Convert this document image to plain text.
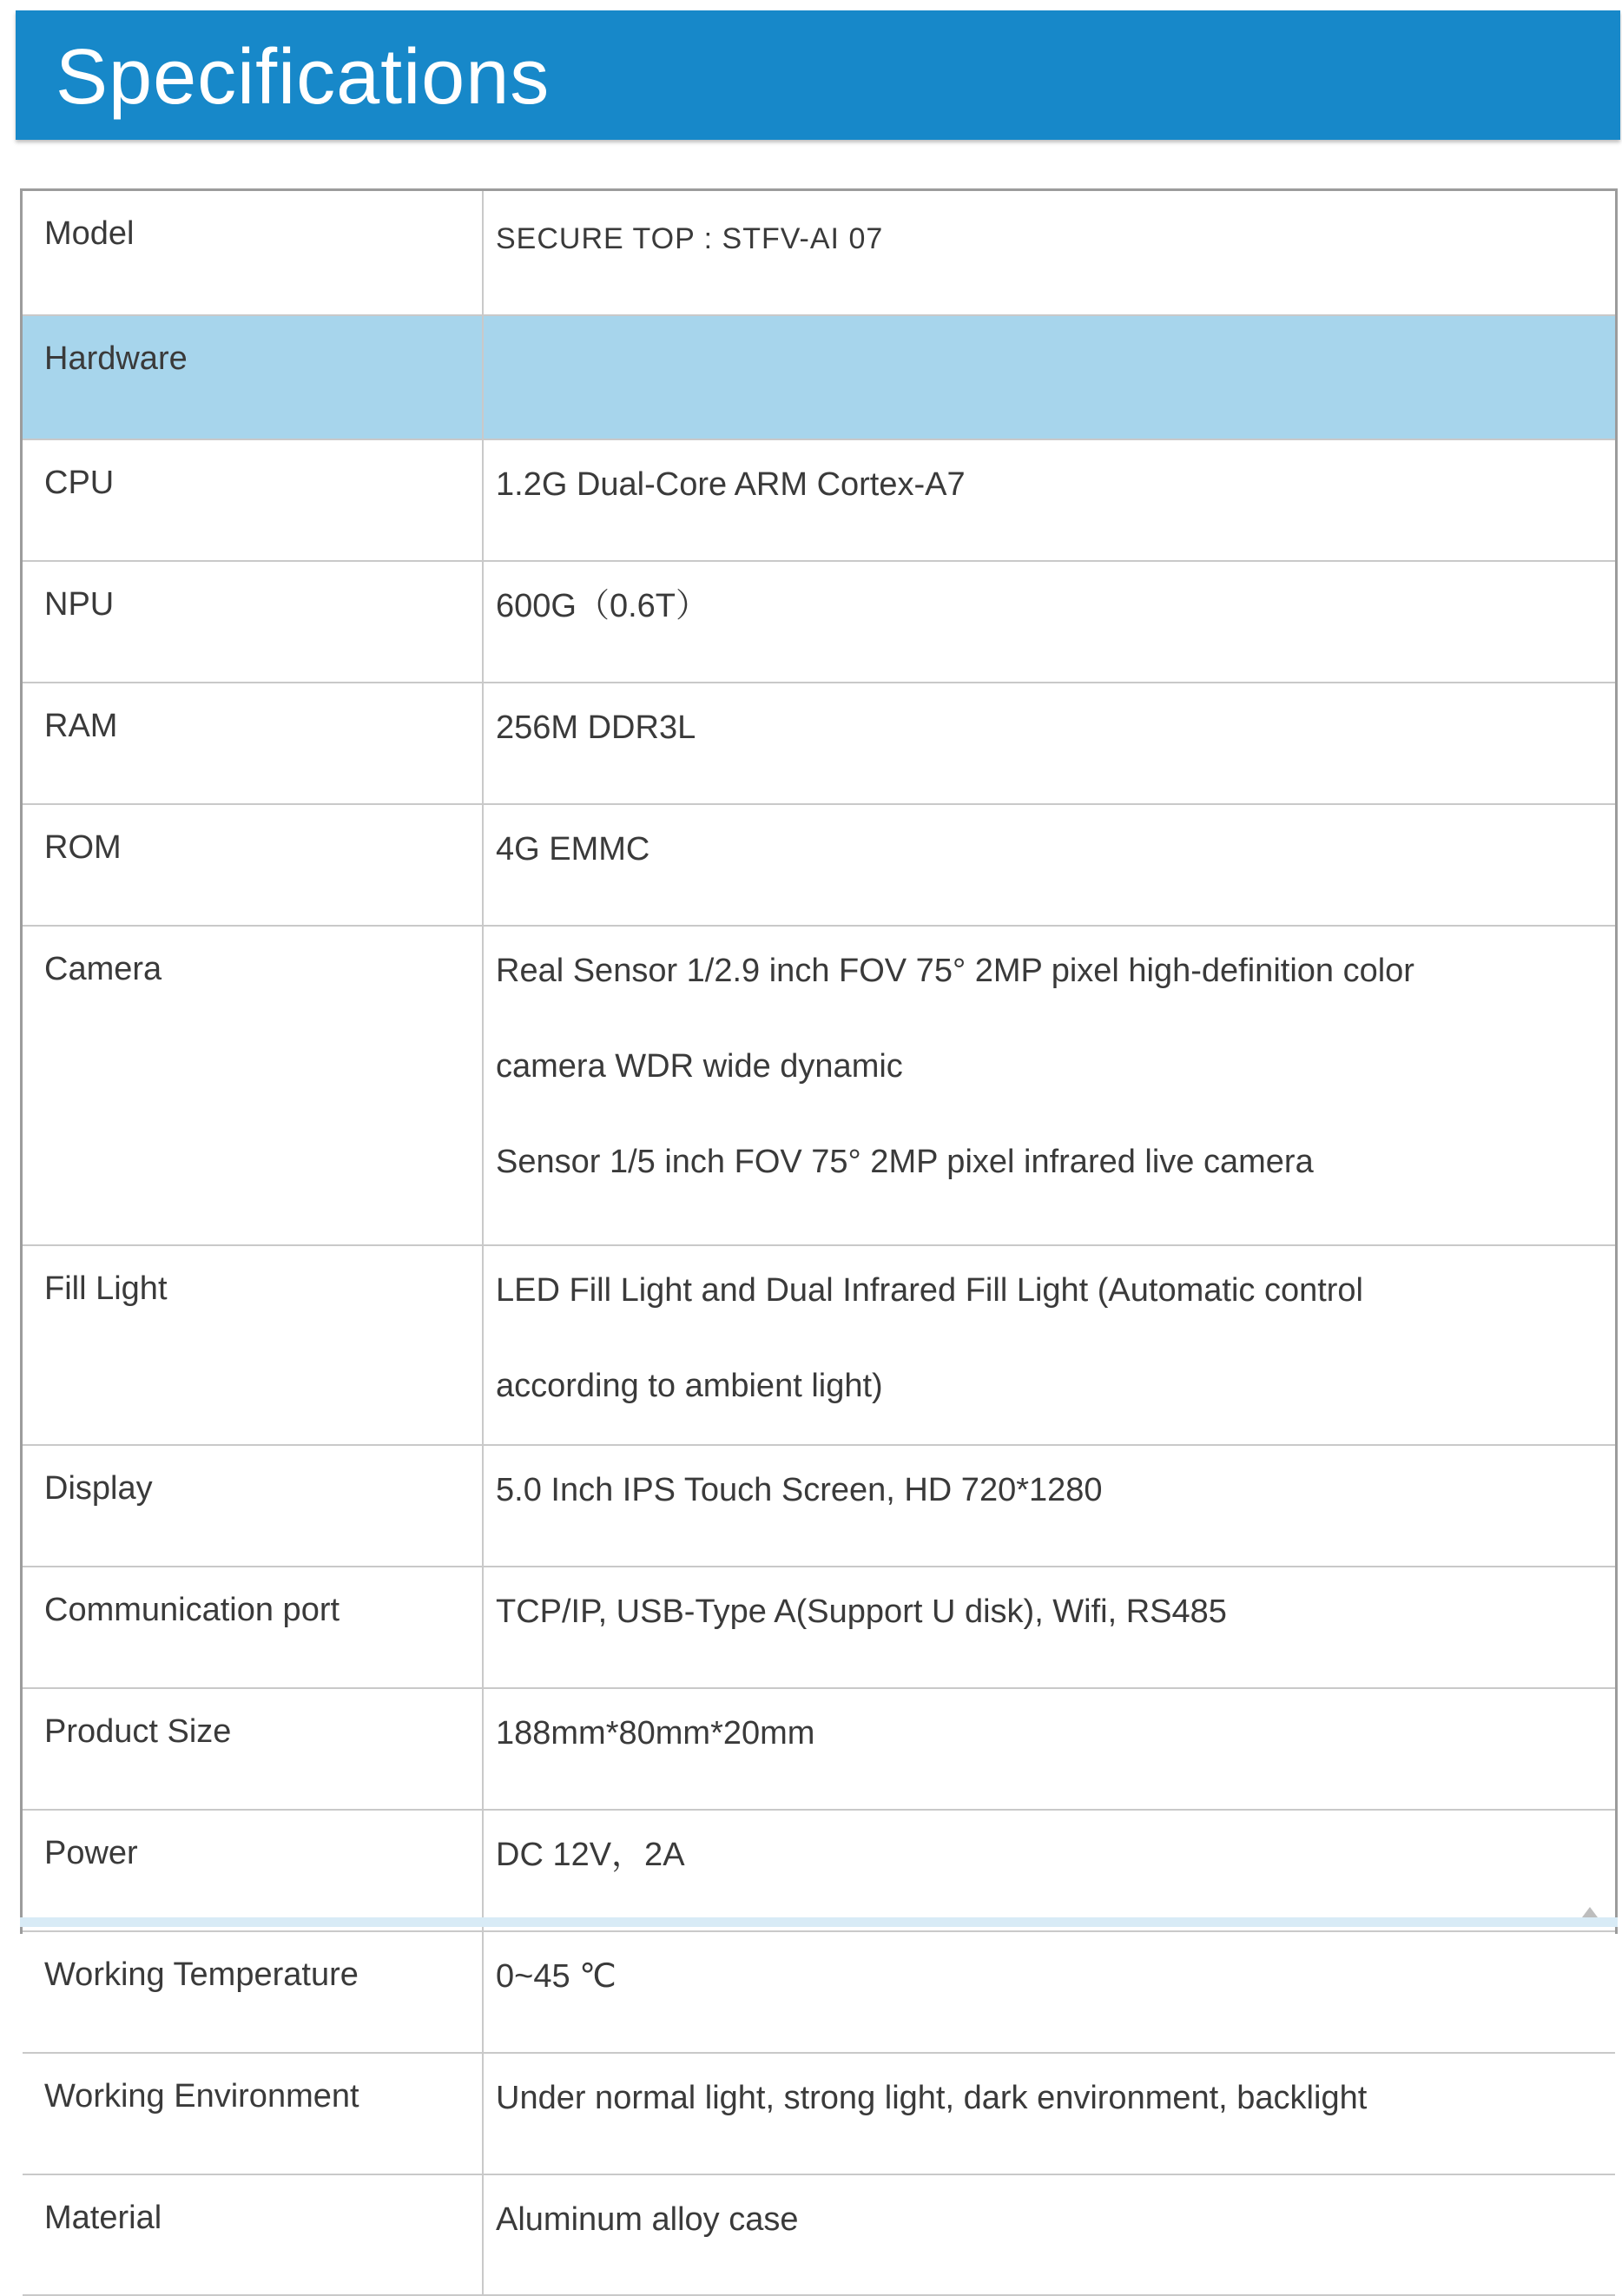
Specifications
Model	SECURE TOP : STFV-AI 07

Hardware	
CPU	1.2G Dual-Core ARM Cortex-A7

NPU	600G（0.6T）

RAM	256M DDR3L

ROM	4G EMMC

Camera	Real Sensor 1/2.9 inch FOV 75° 2MP pixel high-definition color
camera WDR wide dynamic
Sensor 1/5 inch FOV 75° 2MP pixel infrared live camera

Fill Light	LED Fill Light and Dual Infrared Fill Light (Automatic control
according to ambient light)

Display	5.0 Inch IPS Touch Screen, HD 720*1280

Communication port	TCP/IP, USB-Type A(Support U disk), Wifi, RS485

Product Size	188mm*80mm*20mm

Power	DC 12V，2A

Working Temperature	0~45 ℃

Working Environment	Under normal light, strong light, dark environment, backlight

Material	Aluminum alloy case
